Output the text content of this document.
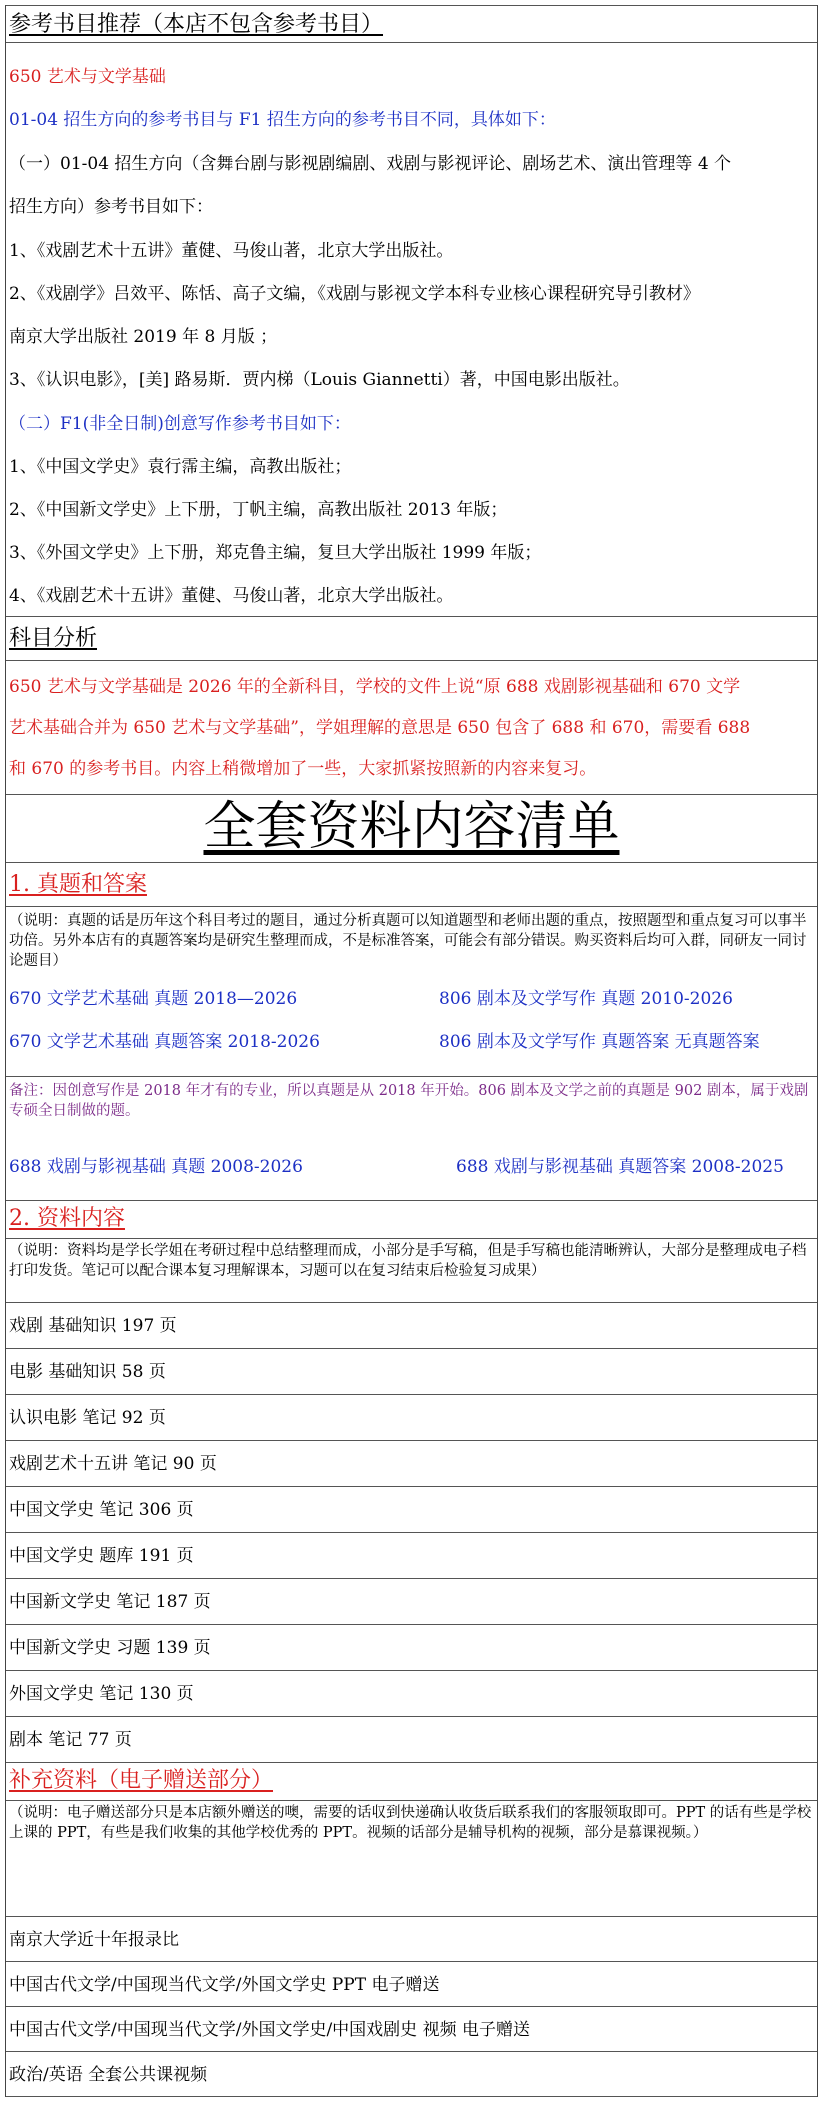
参考书目推荐（本店不包含参考书目）
650 艺术与文学基础
01-04 招生方向的参考书目与 F1 招生方向的参考书目不同，具体如下：
（一）01-04 招生方向（含舞台剧与影视剧编剧、戏剧与影视评论、剧场艺术、演出管理等 4 个
招生方向）参考书目如下：
1、《戏剧艺术十五讲》董健、马俊山著，北京大学出版社。
2、《戏剧学》吕效平、陈恬、高子文编，《戏剧与影视文学本科专业核心课程研究导引教材》
南京大学出版社 2019 年 8 月版 ；
3、《认识电影》，[美] 路易斯．贾内梯（Louis Giannetti）著，中国电影出版社。
（二）F1(非全日制)创意写作参考书目如下：
1、《中国文学史》袁行霈主编，高教出版社；
2、《中国新文学史》上下册，丁帆主编，高教出版社 2013 年版；
3、《外国文学史》上下册，郑克鲁主编，复旦大学出版社 1999 年版；
4、《戏剧艺术十五讲》董健、马俊山著，北京大学出版社。
科目分析
650 艺术与文学基础是 2026 年的全新科目，学校的文件上说“原 688 戏剧影视基础和 670 文学
艺术基础合并为 650 艺术与文学基础”，学姐理解的意思是 650 包含了 688 和 670，需要看 688
和 670 的参考书目。内容上稍微增加了一些，大家抓紧按照新的内容来复习。
全套资料内容清单
1. 真题和答案
（说明：真题的话是历年这个科目考过的题目，通过分析真题可以知道题型和老师出题的重点，按照题型和重点复习可以事半功倍。另外本店有的真题答案均是研究生整理而成，不是标准答案，可能会有部分错误。购买资料后均可入群，同研友一同讨论题目）
670 文学艺术基础 真题 2018—2026	806 剧本及文学写作 真题 2010-2026
670 文学艺术基础 真题答案 2018-2026	806 剧本及文学写作 真题答案 无真题答案
备注：因创意写作是 2018 年才有的专业，所以真题是从 2018 年开始。806 剧本及文学之前的真题是 902 剧本，属于戏剧专硕全日制做的题。
688 戏剧与影视基础 真题 2008-2026	688 戏剧与影视基础 真题答案 2008-2025
2. 资料内容
（说明：资料均是学长学姐在考研过程中总结整理而成，小部分是手写稿，但是手写稿也能清晰辨认，大部分是整理成电子档打印发货。笔记可以配合课本复习理解课本，习题可以在复习结束后检验复习成果）
戏剧 基础知识 197 页
电影 基础知识 58 页
认识电影 笔记 92 页
戏剧艺术十五讲 笔记 90 页
中国文学史 笔记 306 页
中国文学史 题库 191 页
中国新文学史 笔记 187 页
中国新文学史 习题 139 页
外国文学史 笔记 130 页
剧本 笔记 77 页
补充资料（电子赠送部分）
（说明：电子赠送部分只是本店额外赠送的噢，需要的话収到快递确认收货后联系我们的客服领取即可。PPT 的话有些是学校上课的 PPT，有些是我们收集的其他学校优秀的 PPT。视频的话部分是辅导机构的视频，部分是慕课视频。）
南京大学近十年报录比
中国古代文学/中国现当代文学/外国文学史 PPT 电子赠送
中国古代文学/中国现当代文学/外国文学史/中国戏剧史 视频 电子赠送
政治/英语 全套公共课视频
